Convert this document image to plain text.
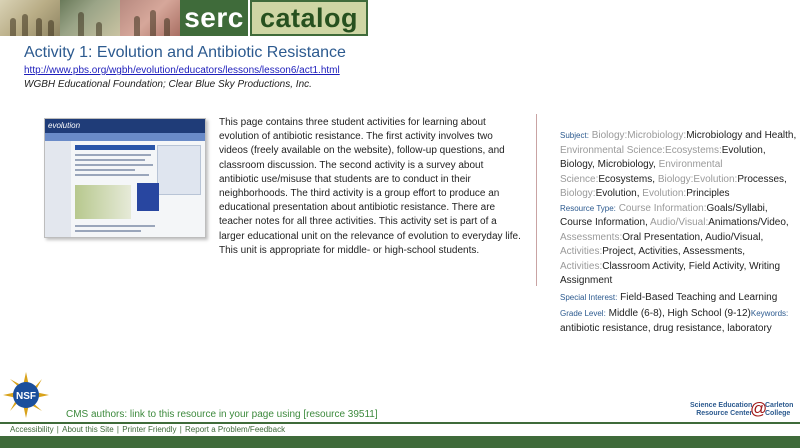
serc catalog
Activity 1: Evolution and Antibiotic Resistance
http://www.pbs.org/wgbh/evolution/educators/lessons/lesson6/act1.html
WGBH Educational Foundation; Clear Blue Sky Productions, Inc.
evolution	This page contains three student activities for learning about evolution of antibiotic resistance. The first activity involves two videos (freely available on the website), follow-up questions, and classroom discussion. The second activity is a survey about antibiotic use/misuse that students are to conduct in their neighborhoods. The third activity is a group effort to produce an educational presentation about antibiotic resistance. There are teacher notes for all three activities. This activity set is part of a larger educational unit on the relevance of evolution to everyday life. This unit is appropriate for middle- or high-school students.

Subject: Biology:Microbiology:Microbiology and Health, Environmental Science:Ecosystems:Evolution, Biology, Microbiology, Environmental Science:Ecosystems, Biology:Evolution:Processes, Biology:Evolution, Evolution:Principles

Resource Type: Course Information:Goals/Syllabi, Course Information, Audio/Visual:Animations/Video, Assessments:Oral Presentation, Audio/Visual, Activities:Project, Activities, Assessments, Activities:Classroom Activity, Field Activity, Writing Assignment

Special Interest: Field-Based Teaching and Learning

Grade Level: Middle (6-8), High School (9-12)Keywords: antibiotic resistance, drug resistance, laboratory

NSF
CMS authors: link to this resource in your page using [resource 39511]
Science Education
Resource Center
@
Carleton
College
Accessibility | About this Site | Printer Friendly | Report a Problem/Feedback
